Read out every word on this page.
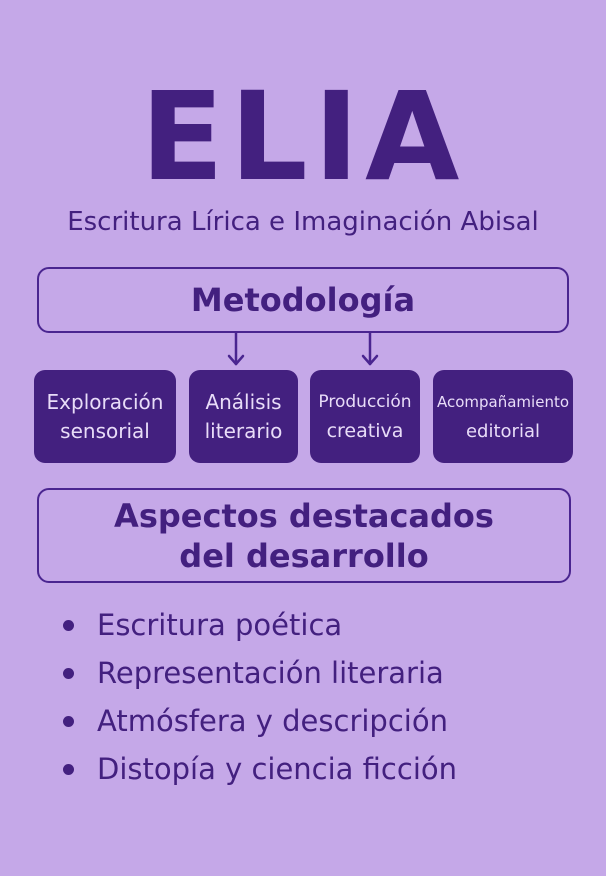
ELIA
Escritura Lírica e Imaginación Abisal
Metodología
Exploración
sensorial
Análisis
literario
Producción
creativa
Acompañamiento
editorial
Aspectos destacados
del desarrollo
Escritura poética
Representación literaria
Atmósfera y descripción
Distopía y ciencia ficción
